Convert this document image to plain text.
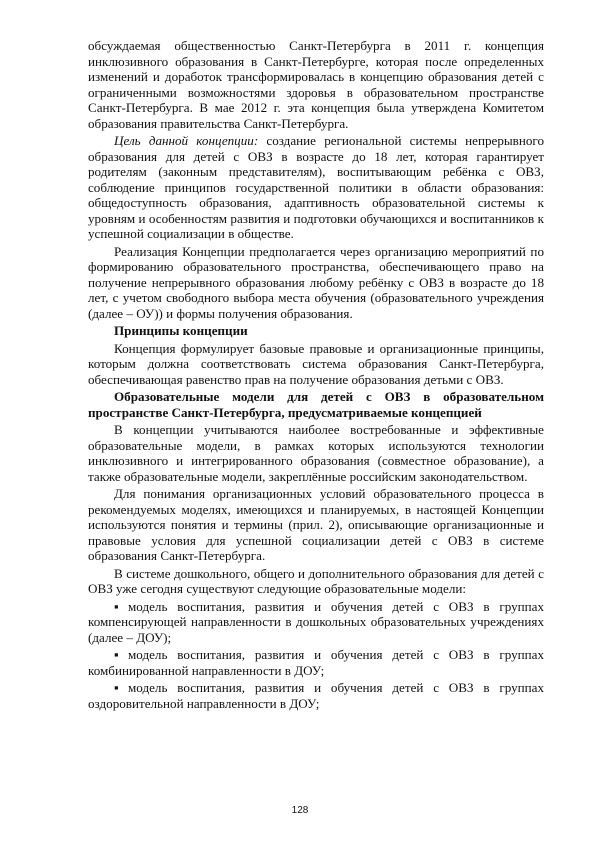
обсуждаемая общественностью Санкт-Петербурга в 2011 г. концепция инклюзивного образования в Санкт-Петербурге, которая после определенных изменений и доработок трансформировалась в концепцию образования детей с ограниченными возможностями здоровья в образовательном пространстве Санкт-Петербурга. В мае 2012 г. эта концепция была утверждена Комитетом образования правительства Санкт-Петербурга.

Цель данной концепции: создание региональной системы непрерывного образования для детей с ОВЗ в возрасте до 18 лет, которая гарантирует родителям (законным представителям), воспитывающим ребёнка с ОВЗ, соблюдение принципов государственной политики в области образования: общедоступность образования, адаптивность образовательной системы к уровням и особенностям развития и подготовки обучающихся и воспитанников к успешной социализации в обществе.

Реализация Концепции предполагается через организацию мероприятий по формированию образовательного пространства, обеспечивающего право на получение непрерывного образования любому ребёнку с ОВЗ в возрасте до 18 лет, с учетом свободного выбора места обучения (образовательного учреждения (далее – ОУ)) и формы получения образования.

Принципы концепции

Концепция формулирует базовые правовые и организационные принципы, которым должна соответствовать система образования Санкт-Петербурга, обеспечивающая равенство прав на получение образования детьми с ОВЗ.

Образовательные модели для детей с ОВЗ в образовательном пространстве Санкт-Петербурга, предусматриваемые концепцией

В концепции учитываются наиболее востребованные и эффективные образовательные модели, в рамках которых используются технологии инклюзивного и интегрированного образования (совместное образование), а также образовательные модели, закреплённые российским законодательством.

Для понимания организационных условий образовательного процесса в рекомендуемых моделях, имеющихся и планируемых, в настоящей Концепции используются понятия и термины (прил. 2), описывающие организационные и правовые условия для успешной социализации детей с ОВЗ в системе образования Санкт-Петербурга.

В системе дошкольного, общего и дополнительного образования для детей с ОВЗ уже сегодня существуют следующие образовательные модели:

▪ модель воспитания, развития и обучения детей с ОВЗ в группах компенсирующей направленности в дошкольных образовательных учреждениях (далее – ДОУ);

▪ модель воспитания, развития и обучения детей с ОВЗ в группах комбинированной направленности в ДОУ;

▪ модель воспитания, развития и обучения детей с ОВЗ в группах оздоровительной направленности в ДОУ;

128
